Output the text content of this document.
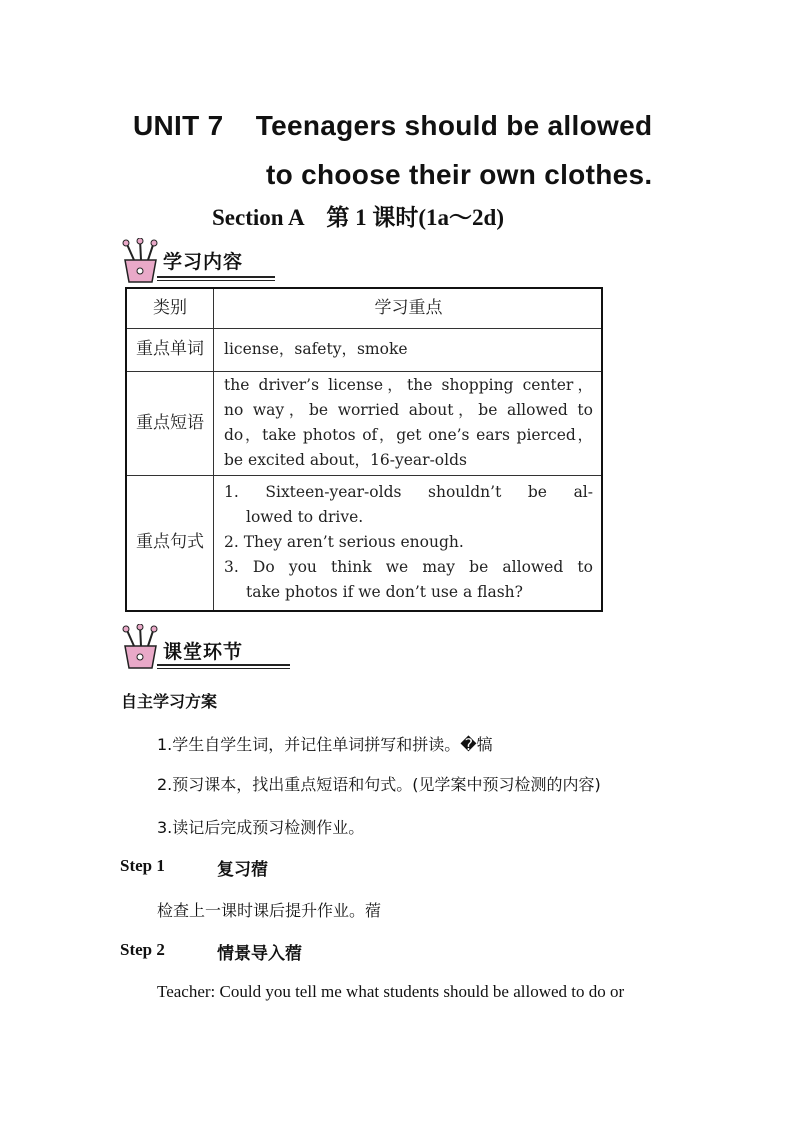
UNIT 7    Teenagers should be allowed
to choose their own clothes.
Section A    第 1 课时(1a～2d)
学习内容
类别	学习重点
重点单词	license，safety，smoke

重点短语	the driver’s license，the shopping center，
no way，be worried about，be allowed to
do，take photos of，get one’s ears pierced，
be excited about，16-year-olds

重点句式	1. Sixteen-year-olds shouldn’t be al-
lowed to drive.
2. They aren’t serious enough.
3. Do you think we may be allowed to
take photos if we don’t use a flash?
课堂环节
自主学习方案
1.学生自学生词，并记住单词拼写和拼读。�犒
2.预习课本，找出重点短语和句式。(见学案中预习检测的内容)
3.读记后完成预习检测作业。
Step 1	复习蓿
检查上一课时课后提升作业。蓿
Step 2	情景导入蓿
Teacher: Could you tell me what students should be allowed to do or
